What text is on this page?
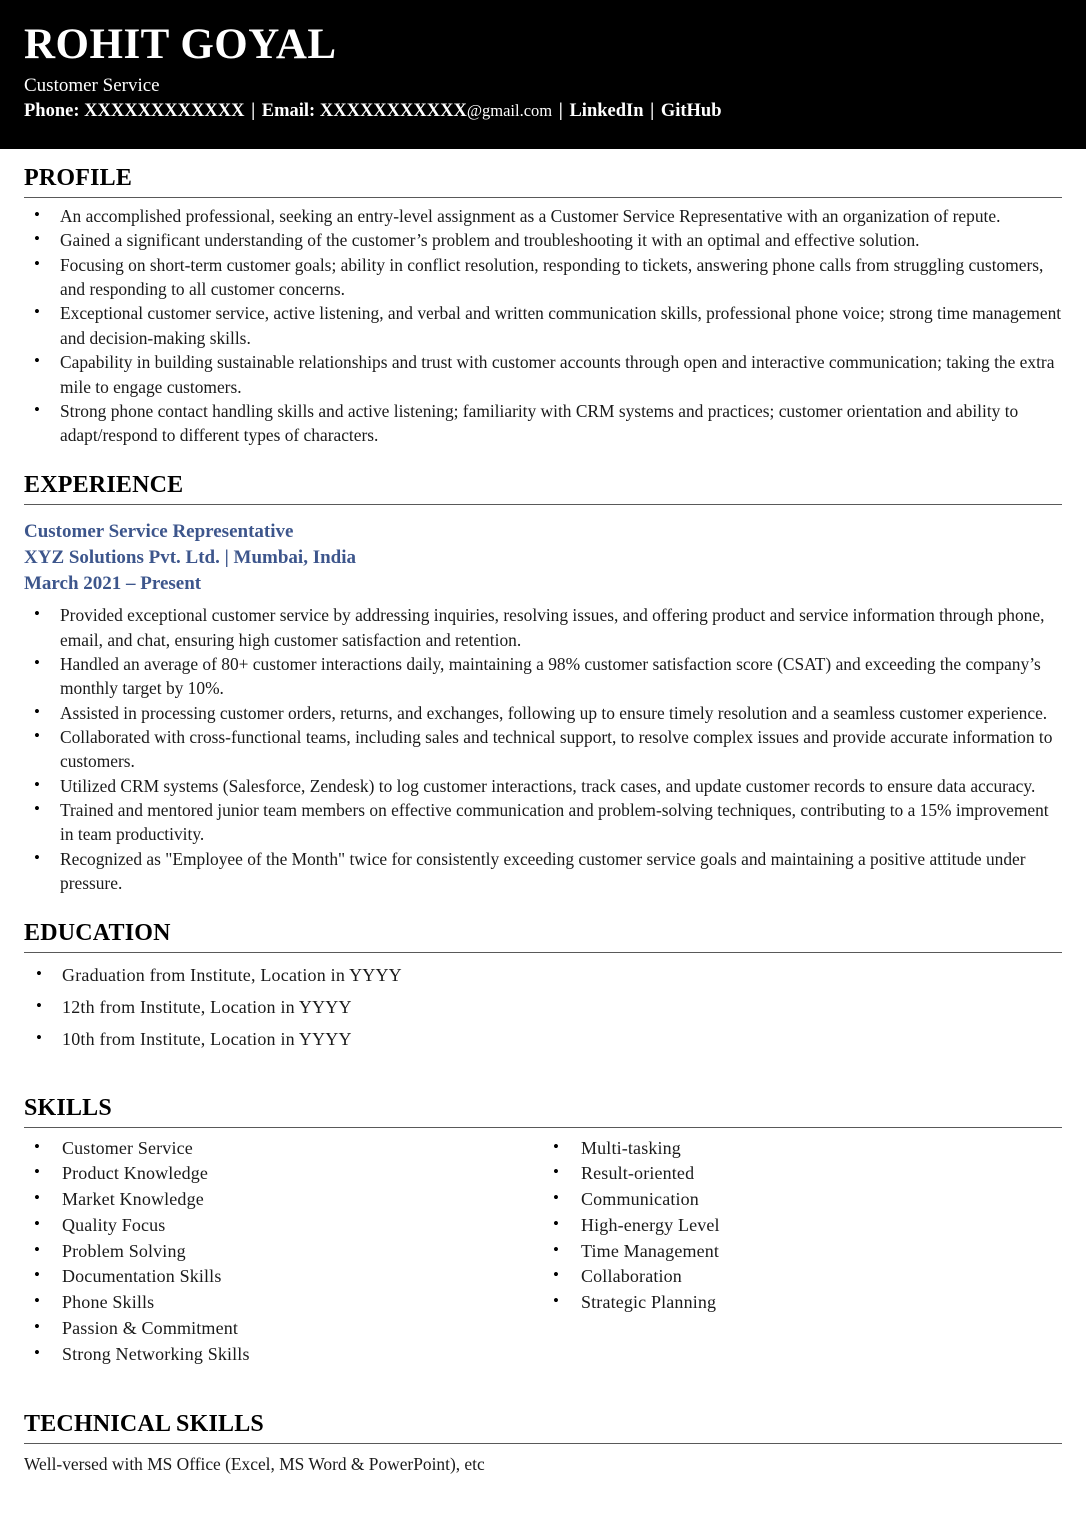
ROHIT GOYAL
Customer Service
Phone: XXXXXXXXXXXX | Email: XXXXXXXXXXX@gmail.com | LinkedIn | GitHub
PROFILE
• An accomplished professional, seeking an entry-level assignment as a Customer Service Representative with an organization of repute.
• Gained a significant understanding of the customer’s problem and troubleshooting it with an optimal and effective solution.
• Focusing on short-term customer goals; ability in conflict resolution, responding to tickets, answering phone calls from struggling customers, and responding to all customer concerns.
• Exceptional customer service, active listening, and verbal and written communication skills, professional phone voice; strong time management and decision-making skills.
• Capability in building sustainable relationships and trust with customer accounts through open and interactive communication; taking the extra mile to engage customers.
• Strong phone contact handling skills and active listening; familiarity with CRM systems and practices; customer orientation and ability to adapt/respond to different types of characters.
EXPERIENCE
Customer Service Representative
XYZ Solutions Pvt. Ltd. | Mumbai, India
March 2021 – Present
• Provided exceptional customer service by addressing inquiries, resolving issues, and offering product and service information through phone, email, and chat, ensuring high customer satisfaction and retention.
• Handled an average of 80+ customer interactions daily, maintaining a 98% customer satisfaction score (CSAT) and exceeding the company’s monthly target by 10%.
• Assisted in processing customer orders, returns, and exchanges, following up to ensure timely resolution and a seamless customer experience.
• Collaborated with cross-functional teams, including sales and technical support, to resolve complex issues and provide accurate information to customers.
• Utilized CRM systems (Salesforce, Zendesk) to log customer interactions, track cases, and update customer records to ensure data accuracy.
• Trained and mentored junior team members on effective communication and problem-solving techniques, contributing to a 15% improvement in team productivity.
• Recognized as "Employee of the Month" twice for consistently exceeding customer service goals and maintaining a positive attitude under pressure.
EDUCATION
• Graduation from Institute, Location in YYYY
• 12th from Institute, Location in YYYY
• 10th from Institute, Location in YYYY
SKILLS
• Customer Service
• Product Knowledge
• Market Knowledge
• Quality Focus
• Problem Solving
• Documentation Skills
• Phone Skills
• Passion & Commitment
• Strong Networking Skills
• Multi-tasking
• Result-oriented
• Communication
• High-energy Level
• Time Management
• Collaboration
• Strategic Planning
TECHNICAL SKILLS
Well-versed with MS Office (Excel, MS Word & PowerPoint), etc
